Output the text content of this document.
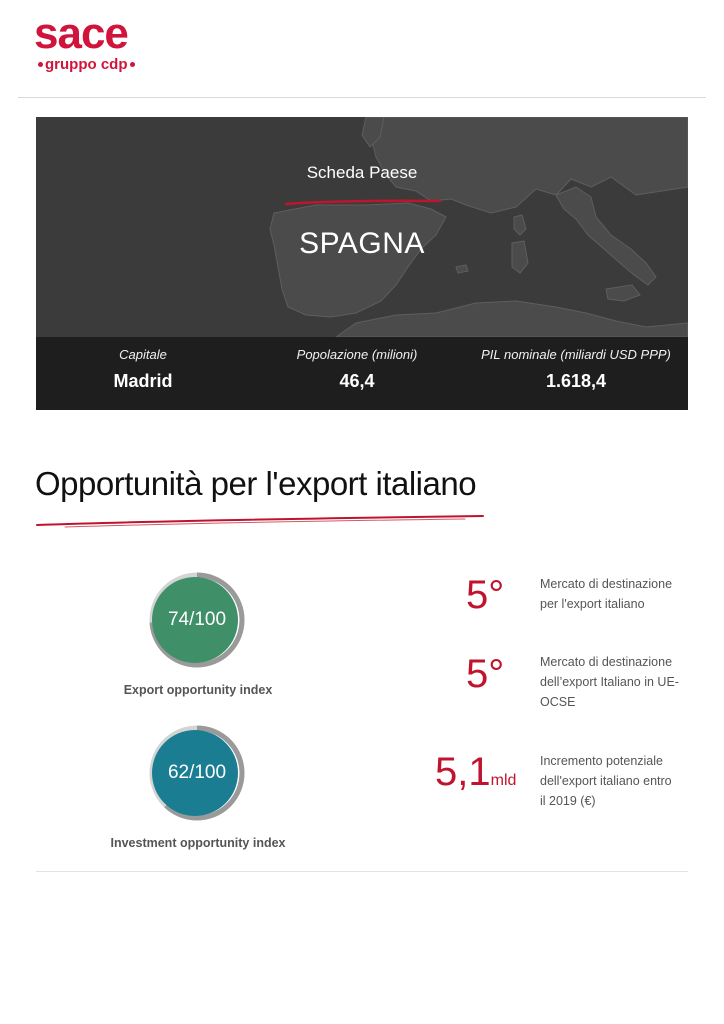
sace
gruppo cdp
Scheda Paese
SPAGNA
Capitale
Madrid
Popolazione (milioni)
46,4
PIL nominale (miliardi USD PPP)
1.618,4
Opportunità per l'export italiano
74/100
Export opportunity index
62/100
Investment opportunity index
5°	Mercato di destinazione per l'export italiano
5°	Mercato di destinazione dell’export Italiano in UE-OCSE
5,1mld
Incremento potenziale dell'export italiano entro il 2019 (€)
